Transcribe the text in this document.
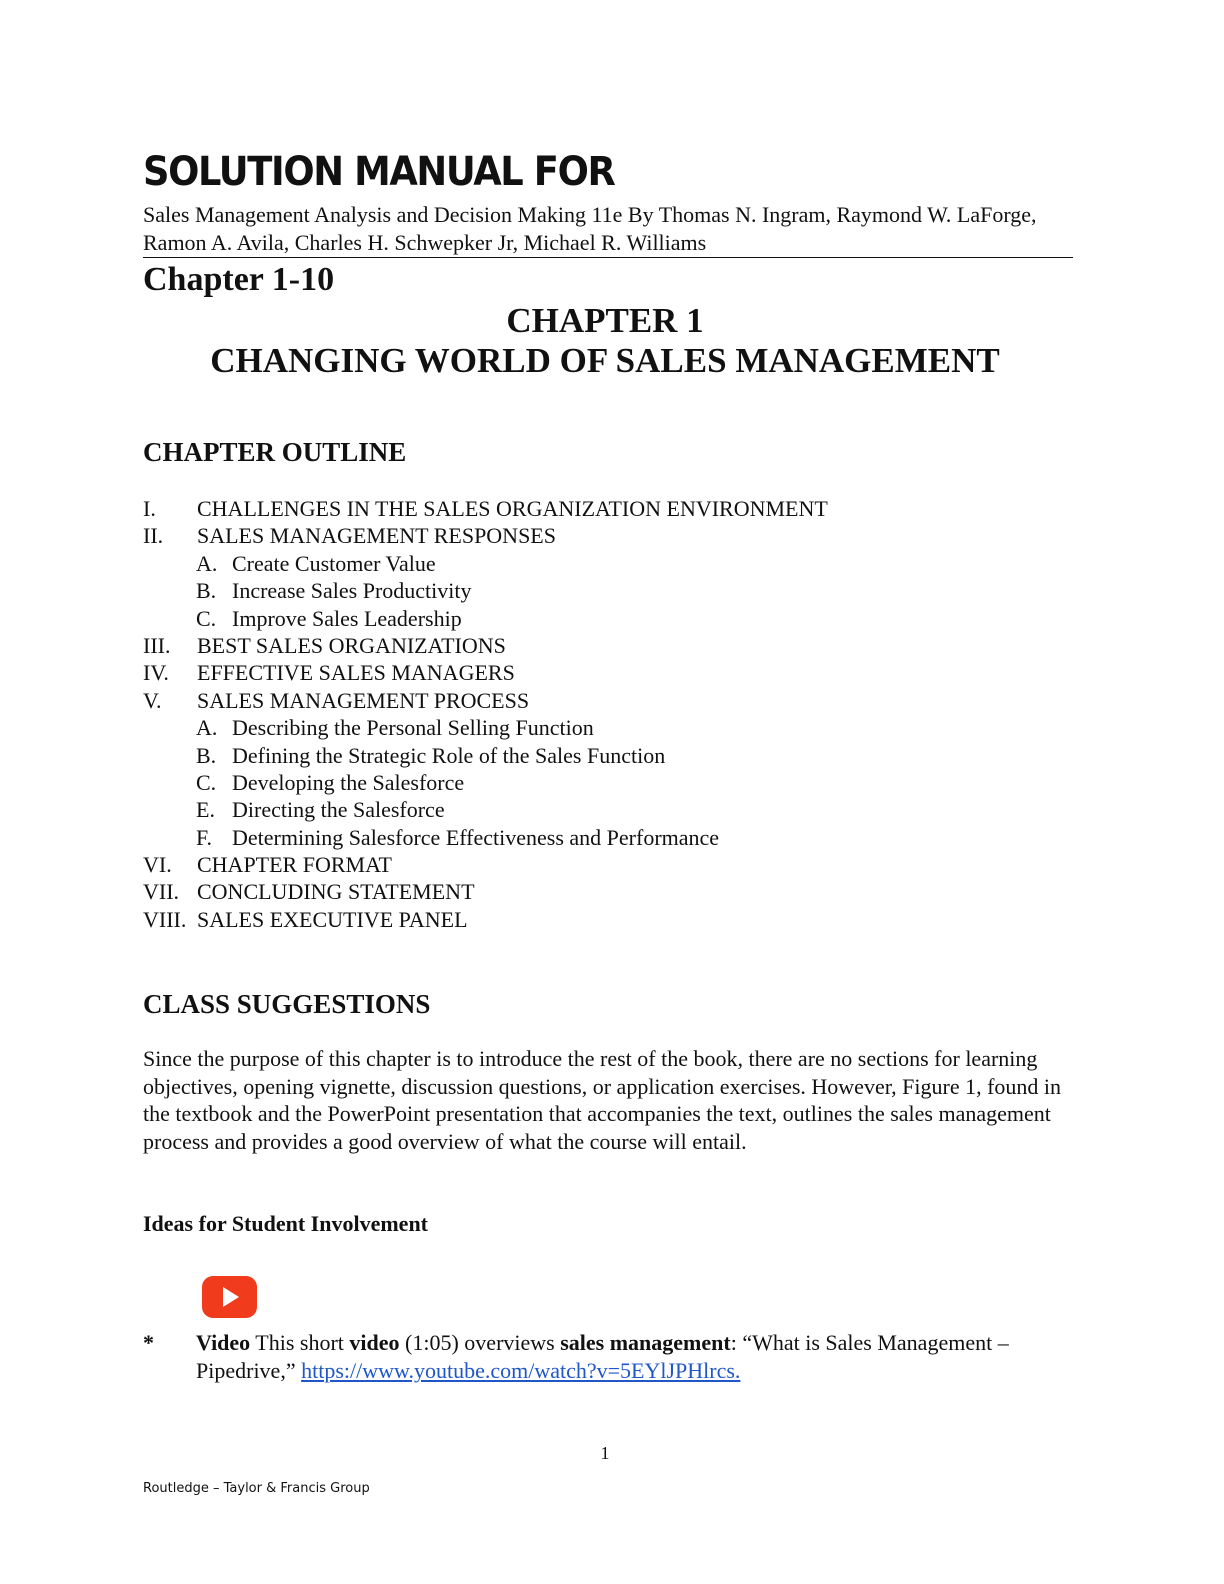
SOLUTION MANUAL FOR
Sales Management Analysis and Decision Making 11e By Thomas N. Ingram, Raymond W. LaForge, Ramon A. Avila, Charles H. Schwepker Jr, Michael R. Williams
Chapter 1-10
CHAPTER 1
CHANGING WORLD OF SALES MANAGEMENT
CHAPTER OUTLINE
I. CHALLENGES IN THE SALES ORGANIZATION ENVIRONMENT
II. SALES MANAGEMENT RESPONSES
A. Create Customer Value
B. Increase Sales Productivity
C. Improve Sales Leadership
III. BEST SALES ORGANIZATIONS
IV. EFFECTIVE SALES MANAGERS
V. SALES MANAGEMENT PROCESS
A. Describing the Personal Selling Function
B. Defining the Strategic Role of the Sales Function
C. Developing the Salesforce
E. Directing the Salesforce
F. Determining Salesforce Effectiveness and Performance
VI. CHAPTER FORMAT
VII. CONCLUDING STATEMENT
VIII. SALES EXECUTIVE PANEL
CLASS SUGGESTIONS
Since the purpose of this chapter is to introduce the rest of the book, there are no sections for learning objectives, opening vignette, discussion questions, or application exercises. However, Figure 1, found in the textbook and the PowerPoint presentation that accompanies the text, outlines the sales management process and provides a good overview of what the course will entail.
Ideas for Student Involvement
* Video This short video (1:05) overviews sales management: “What is Sales Management – Pipedrive,” https://www.youtube.com/watch?v=5EYlJPHlrcs.
1
Routledge – Taylor & Francis Group
